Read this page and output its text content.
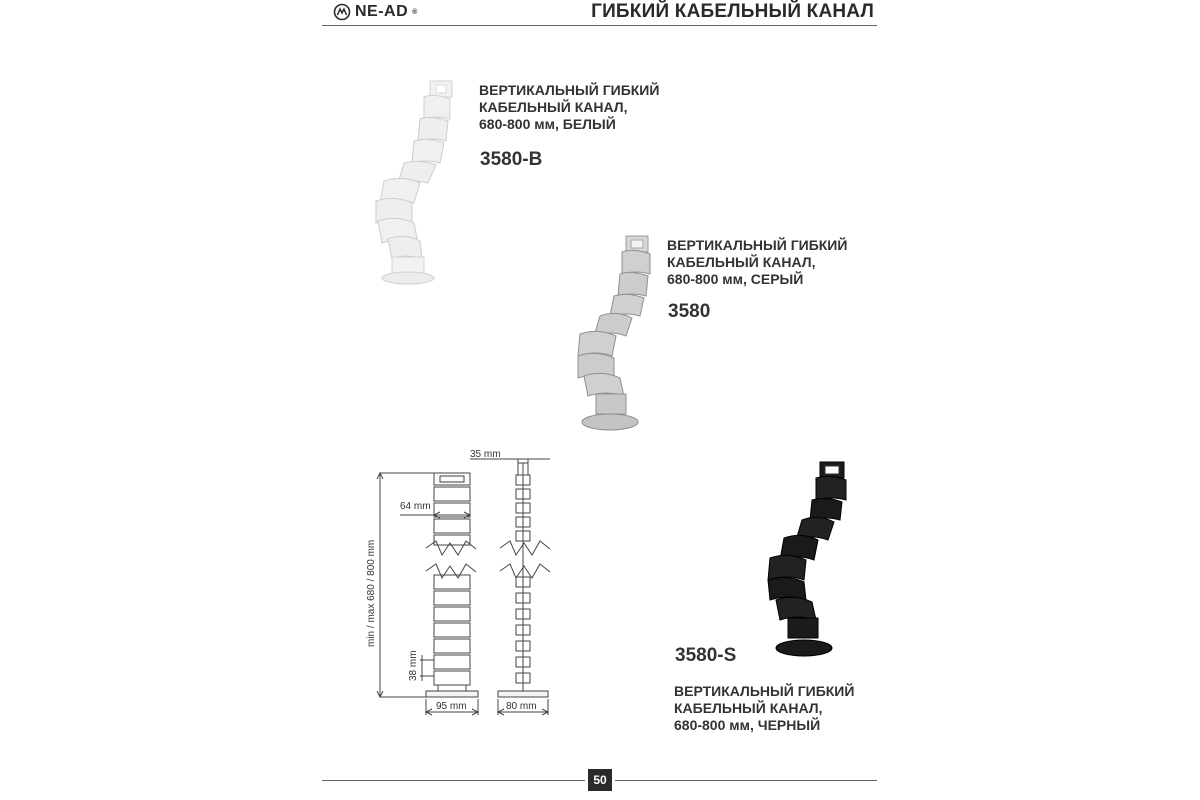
NE-AD ®	ГИБКИЙ КАБЕЛЬНЫЙ КАНАЛ
ВЕРТИКАЛЬНЫЙ ГИБКИЙ
КАБЕЛЬНЫЙ КАНАЛ,
680-800 мм, БЕЛЫЙ
3580-B
ВЕРТИКАЛЬНЫЙ ГИБКИЙ
КАБЕЛЬНЫЙ КАНАЛ,
680-800 мм, СЕРЫЙ
3580
35 mm
64 mm
min / max 680 / 800 mm
38 mm
95 mm	80 mm
3580-S
ВЕРТИКАЛЬНЫЙ ГИБКИЙ
КАБЕЛЬНЫЙ КАНАЛ,
680-800 мм, ЧЕРНЫЙ
50
